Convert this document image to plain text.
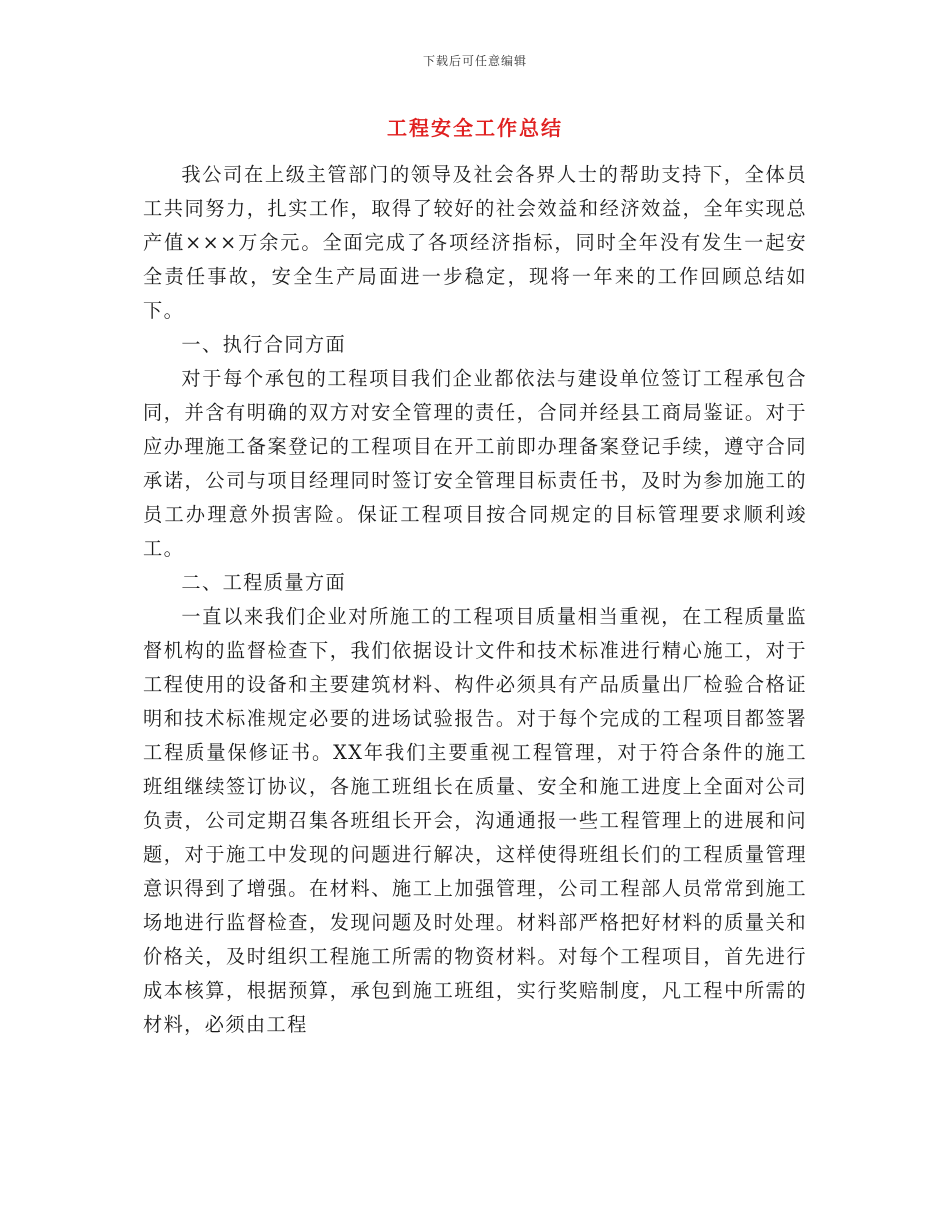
下载后可任意编辑
工程安全工作总结

我公司在上级主管部门的领导及社会各界人士的帮助支持下，全体员工共同努力，扎实工作，取得了较好的社会效益和经济效益，全年实现总产值×××万余元。全面完成了各项经济指标，同时全年没有发生一起安全责任事故，安全生产局面进一步稳定，现将一年来的工作回顾总结如下。

一、执行合同方面

对于每个承包的工程项目我们企业都依法与建设单位签订工程承包合同，并含有明确的双方对安全管理的责任，合同并经县工商局鉴证。对于应办理施工备案登记的工程项目在开工前即办理备案登记手续，遵守合同承诺，公司与项目经理同时签订安全管理目标责任书，及时为参加施工的员工办理意外损害险。保证工程项目按合同规定的目标管理要求顺利竣工。

二、工程质量方面

一直以来我们企业对所施工的工程项目质量相当重视，在工程质量监督机构的监督检查下，我们依据设计文件和技术标准进行精心施工，对于工程使用的设备和主要建筑材料、构件必须具有产品质量出厂检验合格证明和技术标准规定必要的进场试验报告。对于每个完成的工程项目都签署工程质量保修证书。XX年我们主要重视工程管理，对于符合条件的施工班组继续签订协议，各施工班组长在质量、安全和施工进度上全面对公司负责，公司定期召集各班组长开会，沟通通报一些工程管理上的进展和问题，对于施工中发现的问题进行解决，这样使得班组长们的工程质量管理意识得到了增强。在材料、施工上加强管理，公司工程部人员常常到施工场地进行监督检查，发现问题及时处理。材料部严格把好材料的质量关和价格关，及时组织工程施工所需的物资材料。对每个工程项目，首先进行成本核算，根据预算，承包到施工班组，实行奖赔制度，凡工程中所需的材料，必须由工程
